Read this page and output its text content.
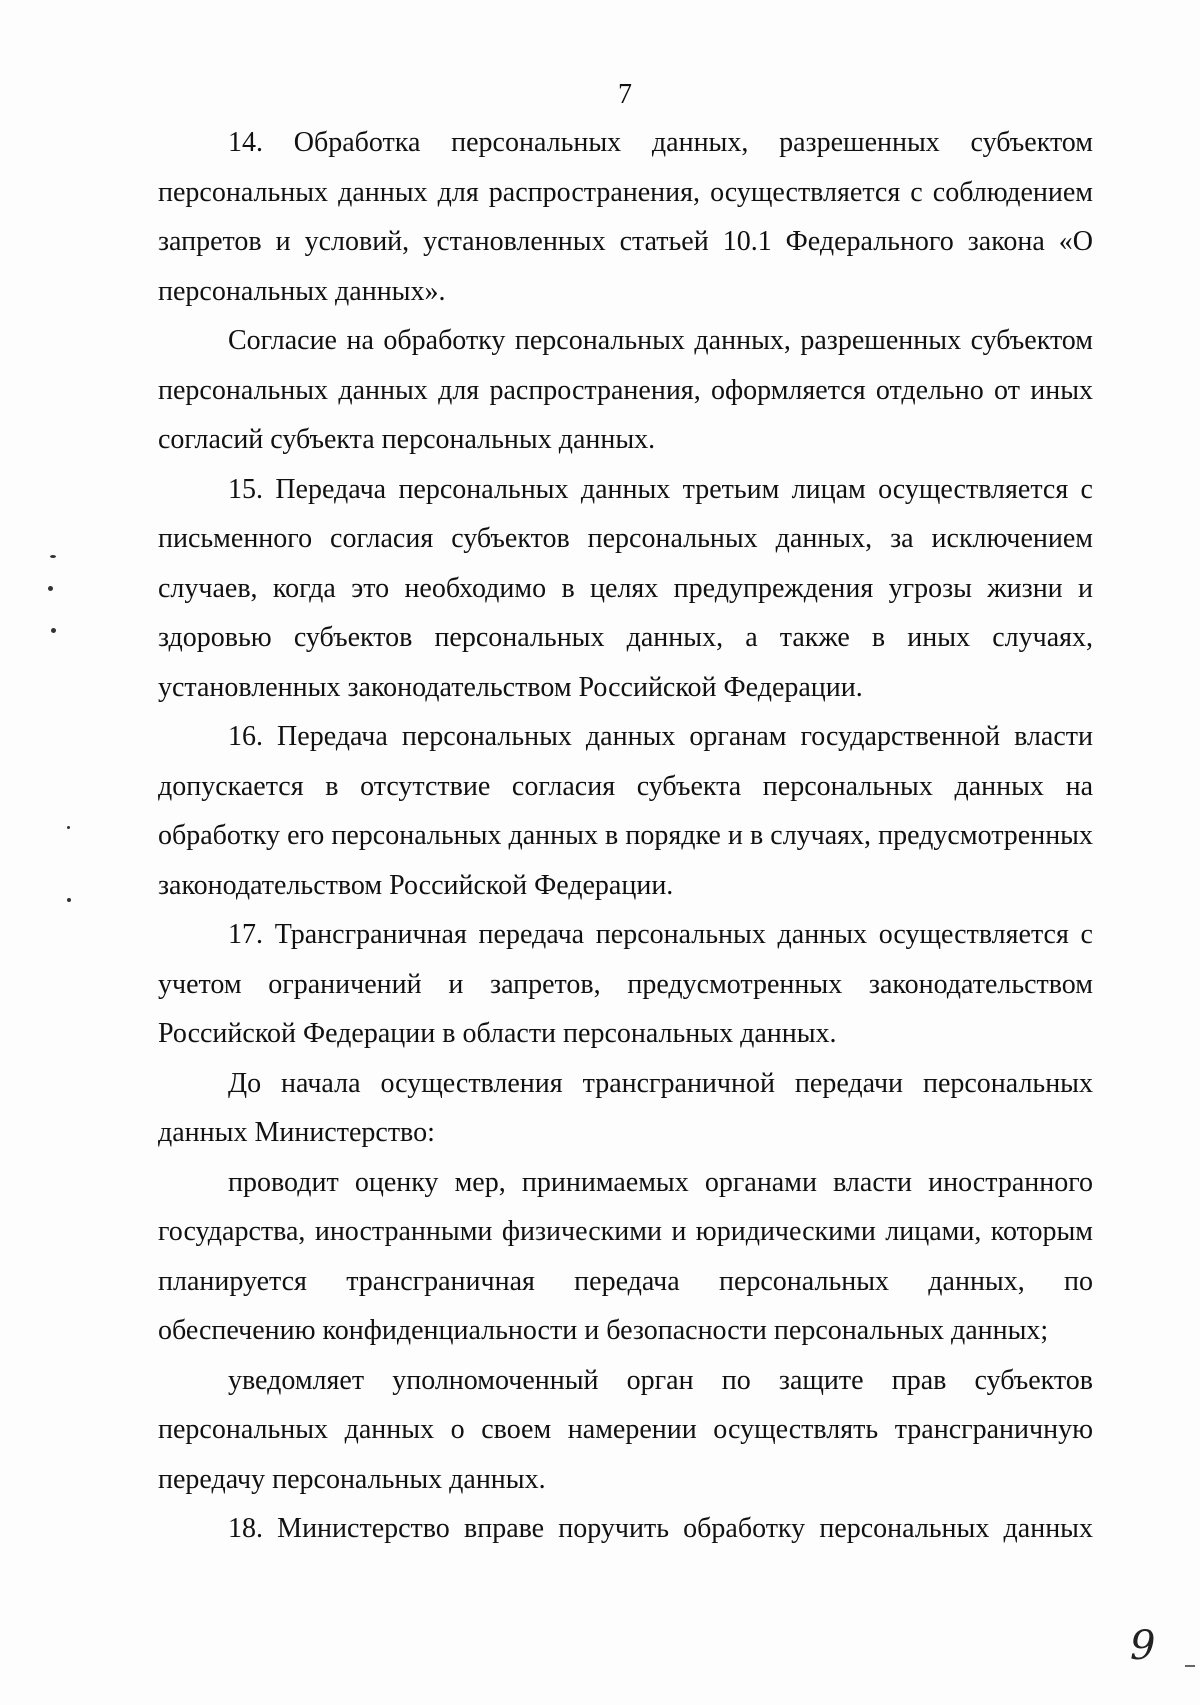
7

14. Обработка персональных данных, разрешенных субъектом персональных данных для распространения, осуществляется с соблюдением запретов и условий, установленных статьей 10.1 Федерального закона «О персональных данных».

Согласие на обработку персональных данных, разрешенных субъектом персональных данных для распространения, оформляется отдельно от иных согласий субъекта персональных данных.

15. Передача персональных данных третьим лицам осуществляется с письменного согласия субъектов персональных данных, за исключением случаев, когда это необходимо в целях предупреждения угрозы жизни и здоровью субъектов персональных данных, а также в иных случаях, установленных законодательством Российской Федерации.

16. Передача персональных данных органам государственной власти допускается в отсутствие согласия субъекта персональных данных на обработку его персональных данных в порядке и в случаях, предусмотренных законодательством Российской Федерации.

17. Трансграничная передача персональных данных осуществляется с учетом ограничений и запретов, предусмотренных законодательством Российской Федерации в области персональных данных.

До начала осуществления трансграничной передачи персональных данных Министерство:

проводит оценку мер, принимаемых органами власти иностранного государства, иностранными физическими и юридическими лицами, которым планируется трансграничная передача персональных данных, по обеспечению конфиденциальности и безопасности персональных данных;

уведомляет уполномоченный орган по защите прав субъектов персональных данных о своем намерении осуществлять трансграничную передачу персональных данных.

18. Министерство вправе поручить обработку персональных данных

9
